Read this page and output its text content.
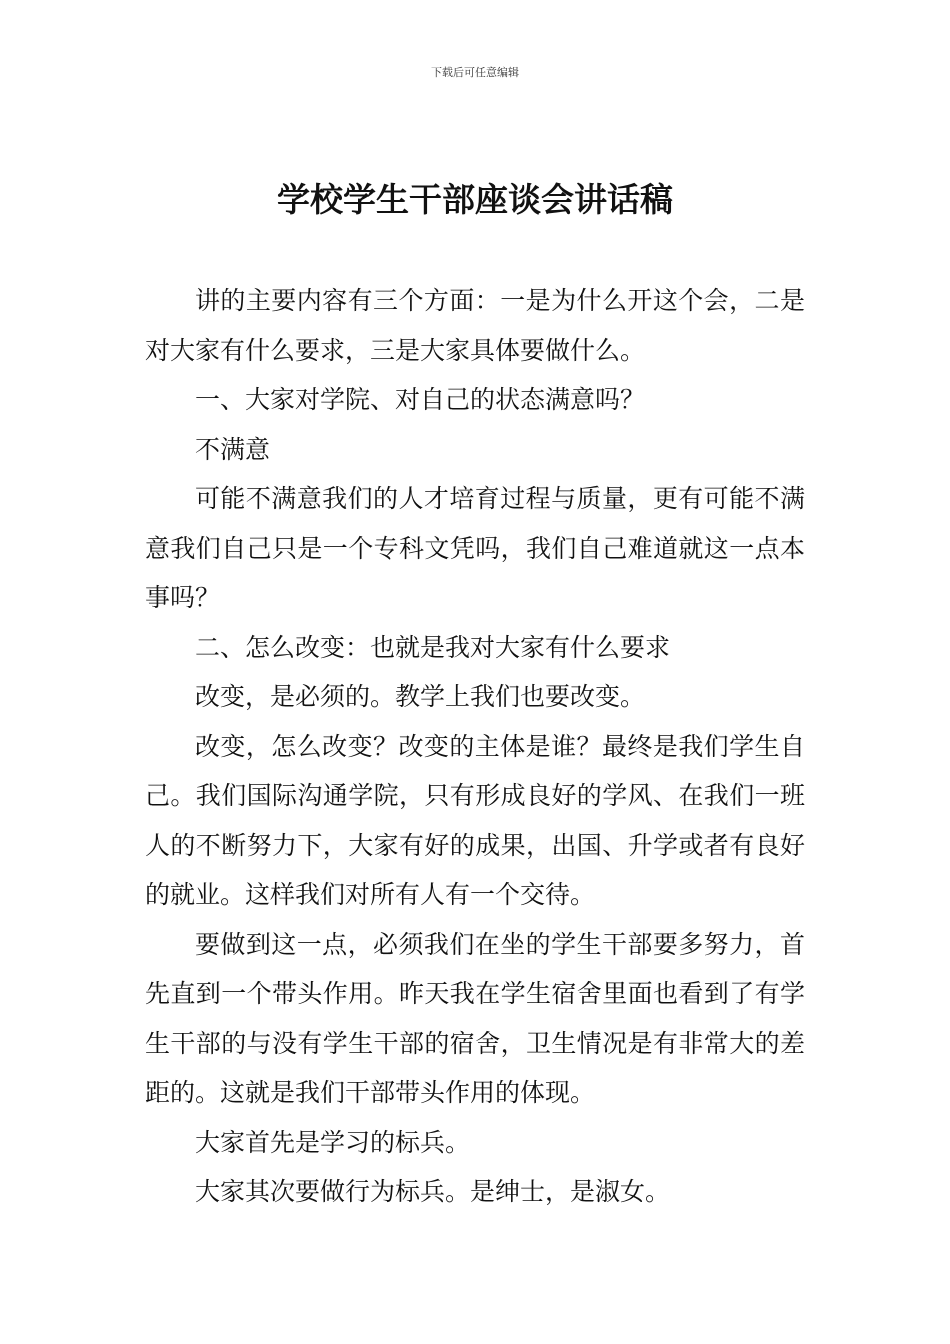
下载后可任意编辑
学校学生干部座谈会讲话稿

讲的主要内容有三个方面：一是为什么开这个会，二是对大家有什么要求，三是大家具体要做什么。

一、大家对学院、对自己的状态满意吗？

不满意

可能不满意我们的人才培育过程与质量，更有可能不满意我们自己只是一个专科文凭吗，我们自己难道就这一点本事吗？

二、怎么改变：也就是我对大家有什么要求

改变，是必须的。教学上我们也要改变。

改变，怎么改变？改变的主体是谁？最终是我们学生自己。我们国际沟通学院，只有形成良好的学风、在我们一班人的不断努力下，大家有好的成果，出国、升学或者有良好的就业。这样我们对所有人有一个交待。

要做到这一点，必须我们在坐的学生干部要多努力，首先直到一个带头作用。昨天我在学生宿舍里面也看到了有学生干部的与没有学生干部的宿舍，卫生情况是有非常大的差距的。这就是我们干部带头作用的体现。

大家首先是学习的标兵。

大家其次要做行为标兵。是绅士，是淑女。
